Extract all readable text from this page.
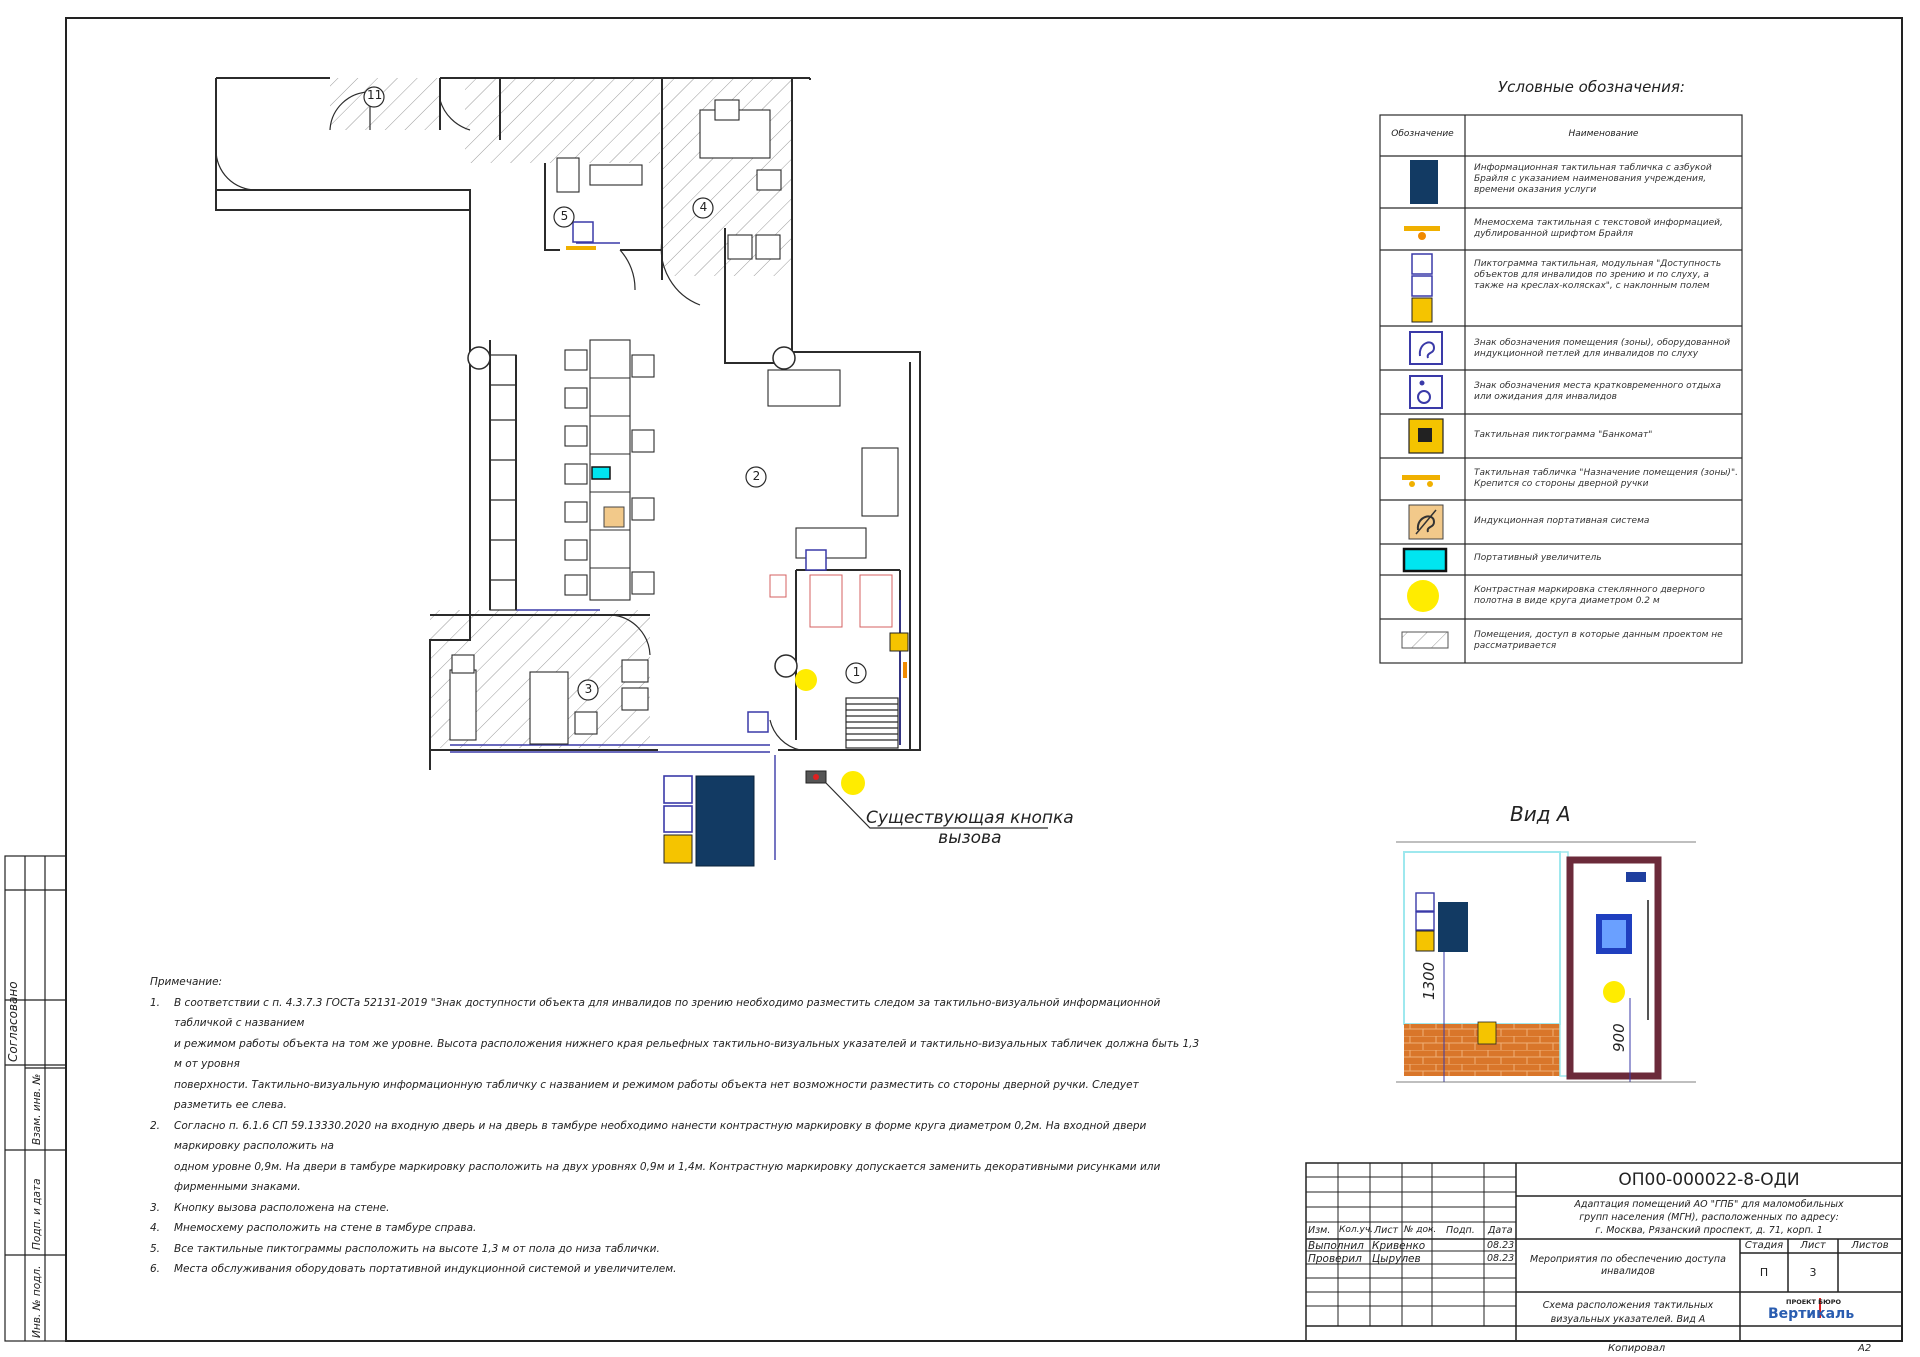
11
5
4
2
3
1
Существующая кнопка
вызова
Условные обозначения:
Обозначение	Наименование
Информационная тактильная табличка с азбукой Брайля с указанием наименования учреждения, времени оказания услуги
Мнемосхема тактильная с текстовой информацией, дублированной шрифтом Брайля
Пиктограмма тактильная, модульная "Доступность объектов для инвалидов по зрению и по слуху, а также на креслах-колясках", с наклонным полем
Знак обозначения помещения (зоны), оборудованной индукционной петлей для инвалидов по слуху
Знак обозначения места кратковременного отдыха или ожидания для инвалидов
Тактильная пиктограмма "Банкомат"
Тактильная табличка "Назначение помещения (зоны)". Крепится со стороны дверной ручки
Индукционная портативная система
Портативный увеличитель
Контрастная маркировка стеклянного дверного полотна в виде круга диаметром 0.2 м
Помещения, доступ в которые данным проектом не рассматривается
Вид А
1300
900
Примечание:
1.	В соответствии с п. 4.3.7.3 ГОСТа 52131-2019 "Знак доступности объекта для инвалидов по зрению необходимо разместить следом за тактильно-визуальной информационной табличкой с названием
и режимом работы объекта на том же уровне. Высота расположения нижнего края рельефных тактильно-визуальных указателей и тактильно-визуальных табличек должна быть 1,3 м от уровня
поверхности. Тактильно-визуальную информационную табличку с названием и режимом работы объекта нет возможности разместить со стороны дверной ручки. Следует разметить ее слева.
2.	Согласно п. 6.1.6 СП 59.13330.2020 на входную дверь и на дверь в тамбуре необходимо нанести контрастную маркировку в форме круга диаметром 0,2м. На входной двери маркировку расположить на
одном уровне 0,9м. На двери в тамбуре маркировку расположить на двух уровнях 0,9м и 1,4м. Контрастную маркировку допускается заменить декоративными рисунками или фирменными знаками.
3.	Кнопку вызова расположена на стене.
4.	Мнемосхему расположить на стене в тамбуре справа.
5.	Все тактильные пиктограммы расположить на высоте 1,3 м от пола до низа таблички.
6.	Места обслуживания оборудовать портативной индукционной системой и увеличителем.
Согласовано
Взам. инв. №
Подп. и дата
Инв. № подл.
ОП00-000022-8-ОДИ
Адаптация помещений АО "ГПБ" для маломобильных
групп населения (МГН), расположенных по адресу:
г. Москва, Рязанский проспект, д. 71, корп. 1
Изм. Кол.уч. Лист № док. Подп. Дата
Выполнил Кривенко	08.23
Проверил Цырулев	08.23	Мероприятия по обеспечению доступа
инвалидов
Стадия	Лист	Листов
П	3
Схема расположения тактильных
визуальных указателей. Вид А
ПРОЕКТ БЮРО
Вертикаль
Копировал	А2
